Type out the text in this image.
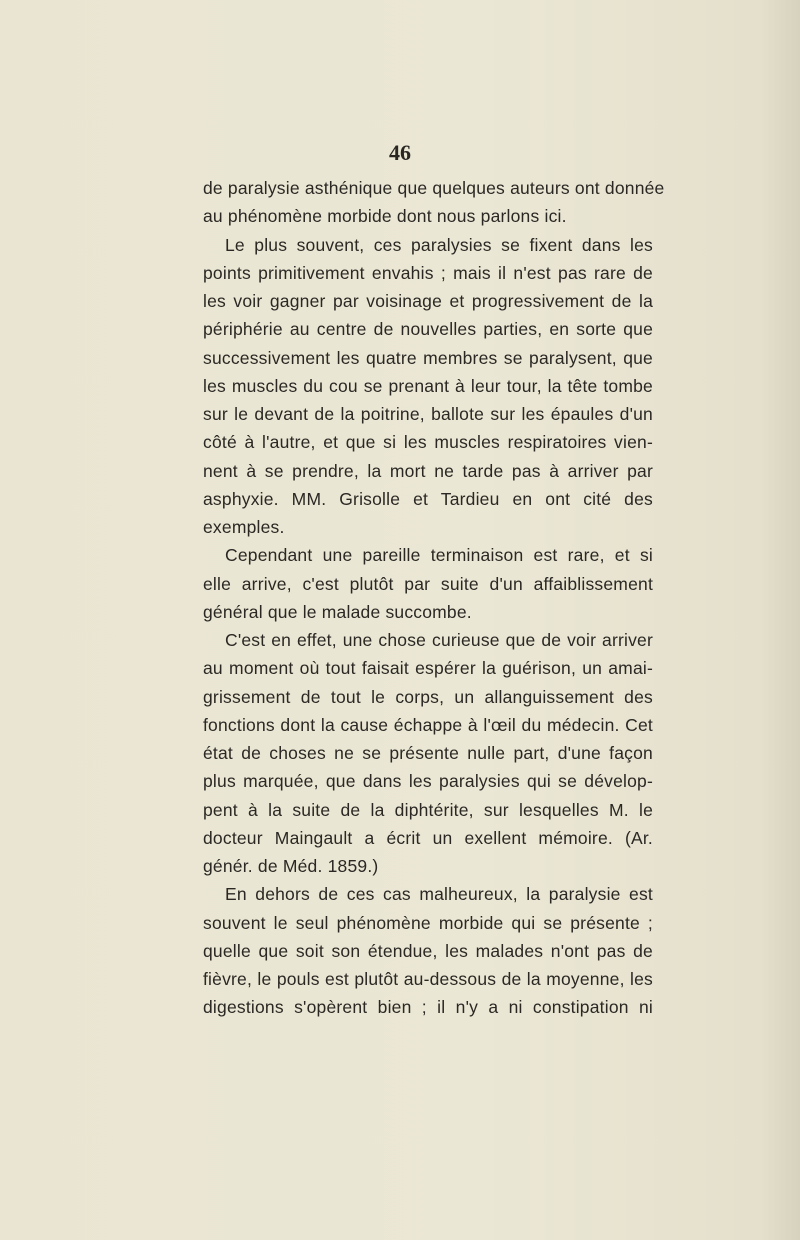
46
de paralysie asthénique que quelques auteurs ont donnée
au phénomène morbide dont nous parlons ici.
Le plus souvent, ces paralysies se fixent dans les
points primitivement envahis ; mais il n'est pas rare de
les voir gagner par voisinage et progressivement de la
périphérie au centre de nouvelles parties, en sorte que
successivement les quatre membres se paralysent, que
les muscles du cou se prenant à leur tour, la tête tombe
sur le devant de la poitrine, ballote sur les épaules d'un
côté à l'autre, et que si les muscles respiratoires vien-
nent à se prendre, la mort ne tarde pas à arriver par
asphyxie. MM. Grisolle et Tardieu en ont cité des
exemples.
Cependant une pareille terminaison est rare, et si
elle arrive, c'est plutôt par suite d'un affaiblissement
général que le malade succombe.
C'est en effet, une chose curieuse que de voir arriver
au moment où tout faisait espérer la guérison, un amai-
grissement de tout le corps, un allanguissement des
fonctions dont la cause échappe à l'œil du médecin. Cet
état de choses ne se présente nulle part, d'une façon
plus marquée, que dans les paralysies qui se dévelop-
pent à la suite de la diphtérite, sur lesquelles M. le
docteur Maingault a écrit un exellent mémoire. (Ar.
génér. de Méd. 1859.)
En dehors de ces cas malheureux, la paralysie est
souvent le seul phénomène morbide qui se présente ;
quelle que soit son étendue, les malades n'ont pas de
fièvre, le pouls est plutôt au-dessous de la moyenne, les
digestions s'opèrent bien ; il n'y a ni constipation ni
